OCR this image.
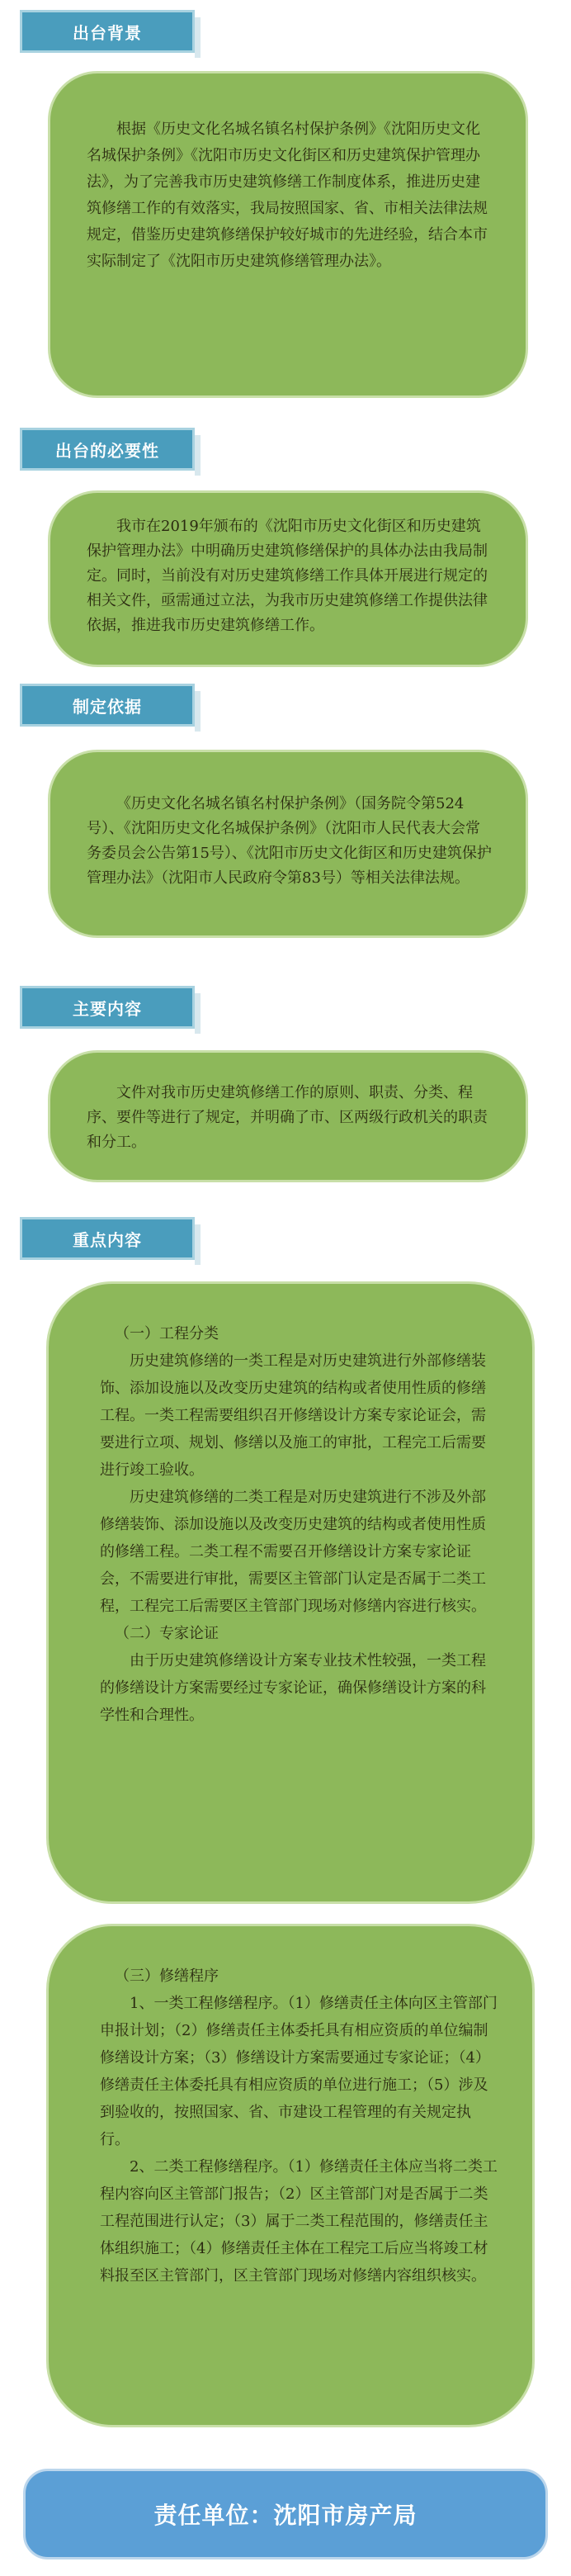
出台背景

根据《历史文化名城名镇名村保护条例》《沈阳历史文化名城保护条例》《沈阳市历史文化街区和历史建筑保护管理办法》，为了完善我市历史建筑修缮工作制度体系，推进历史建筑修缮工作的有效落实，我局按照国家、省、市相关法律法规规定，借鉴历史建筑修缮保护较好城市的先进经验，结合本市实际制定了《沈阳市历史建筑修缮管理办法》。

出台的必要性

我市在2019年颁布的《沈阳市历史文化街区和历史建筑保护管理办法》中明确历史建筑修缮保护的具体办法由我局制定。同时，当前没有对历史建筑修缮工作具体开展进行规定的相关文件，亟需通过立法，为我市历史建筑修缮工作提供法律依据，推进我市历史建筑修缮工作。

制定依据

《历史文化名城名镇名村保护条例》（国务院令第524号）、《沈阳历史文化名城保护条例》（沈阳市人民代表大会常务委员会公告第15号）、《沈阳市历史文化街区和历史建筑保护管理办法》（沈阳市人民政府令第83号）等相关法律法规。

主要内容

文件对我市历史建筑修缮工作的原则、职责、分类、程序、要件等进行了规定，并明确了市、区两级行政机关的职责和分工。

重点内容

（一）工程分类

历史建筑修缮的一类工程是对历史建筑进行外部修缮装饰、添加设施以及改变历史建筑的结构或者使用性质的修缮工程。一类工程需要组织召开修缮设计方案专家论证会，需要进行立项、规划、修缮以及施工的审批，工程完工后需要进行竣工验收。

历史建筑修缮的二类工程是对历史建筑进行不涉及外部修缮装饰、添加设施以及改变历史建筑的结构或者使用性质的修缮工程。二类工程不需要召开修缮设计方案专家论证会，不需要进行审批，需要区主管部门认定是否属于二类工程，工程完工后需要区主管部门现场对修缮内容进行核实。

（二）专家论证

由于历史建筑修缮设计方案专业技术性较强，一类工程的修缮设计方案需要经过专家论证，确保修缮设计方案的科学性和合理性。

（三）修缮程序

1、一类工程修缮程序。（1）修缮责任主体向区主管部门申报计划；（2）修缮责任主体委托具有相应资质的单位编制修缮设计方案；（3）修缮设计方案需要通过专家论证；（4）修缮责任主体委托具有相应资质的单位进行施工；（5）涉及到验收的，按照国家、省、市建设工程管理的有关规定执行。

2、二类工程修缮程序。（1）修缮责任主体应当将二类工程内容向区主管部门报告；（2）区主管部门对是否属于二类工程范围进行认定；（3）属于二类工程范围的，修缮责任主体组织施工；（4）修缮责任主体在工程完工后应当将竣工材料报至区主管部门，区主管部门现场对修缮内容组织核实。

责任单位：沈阳市房产局
